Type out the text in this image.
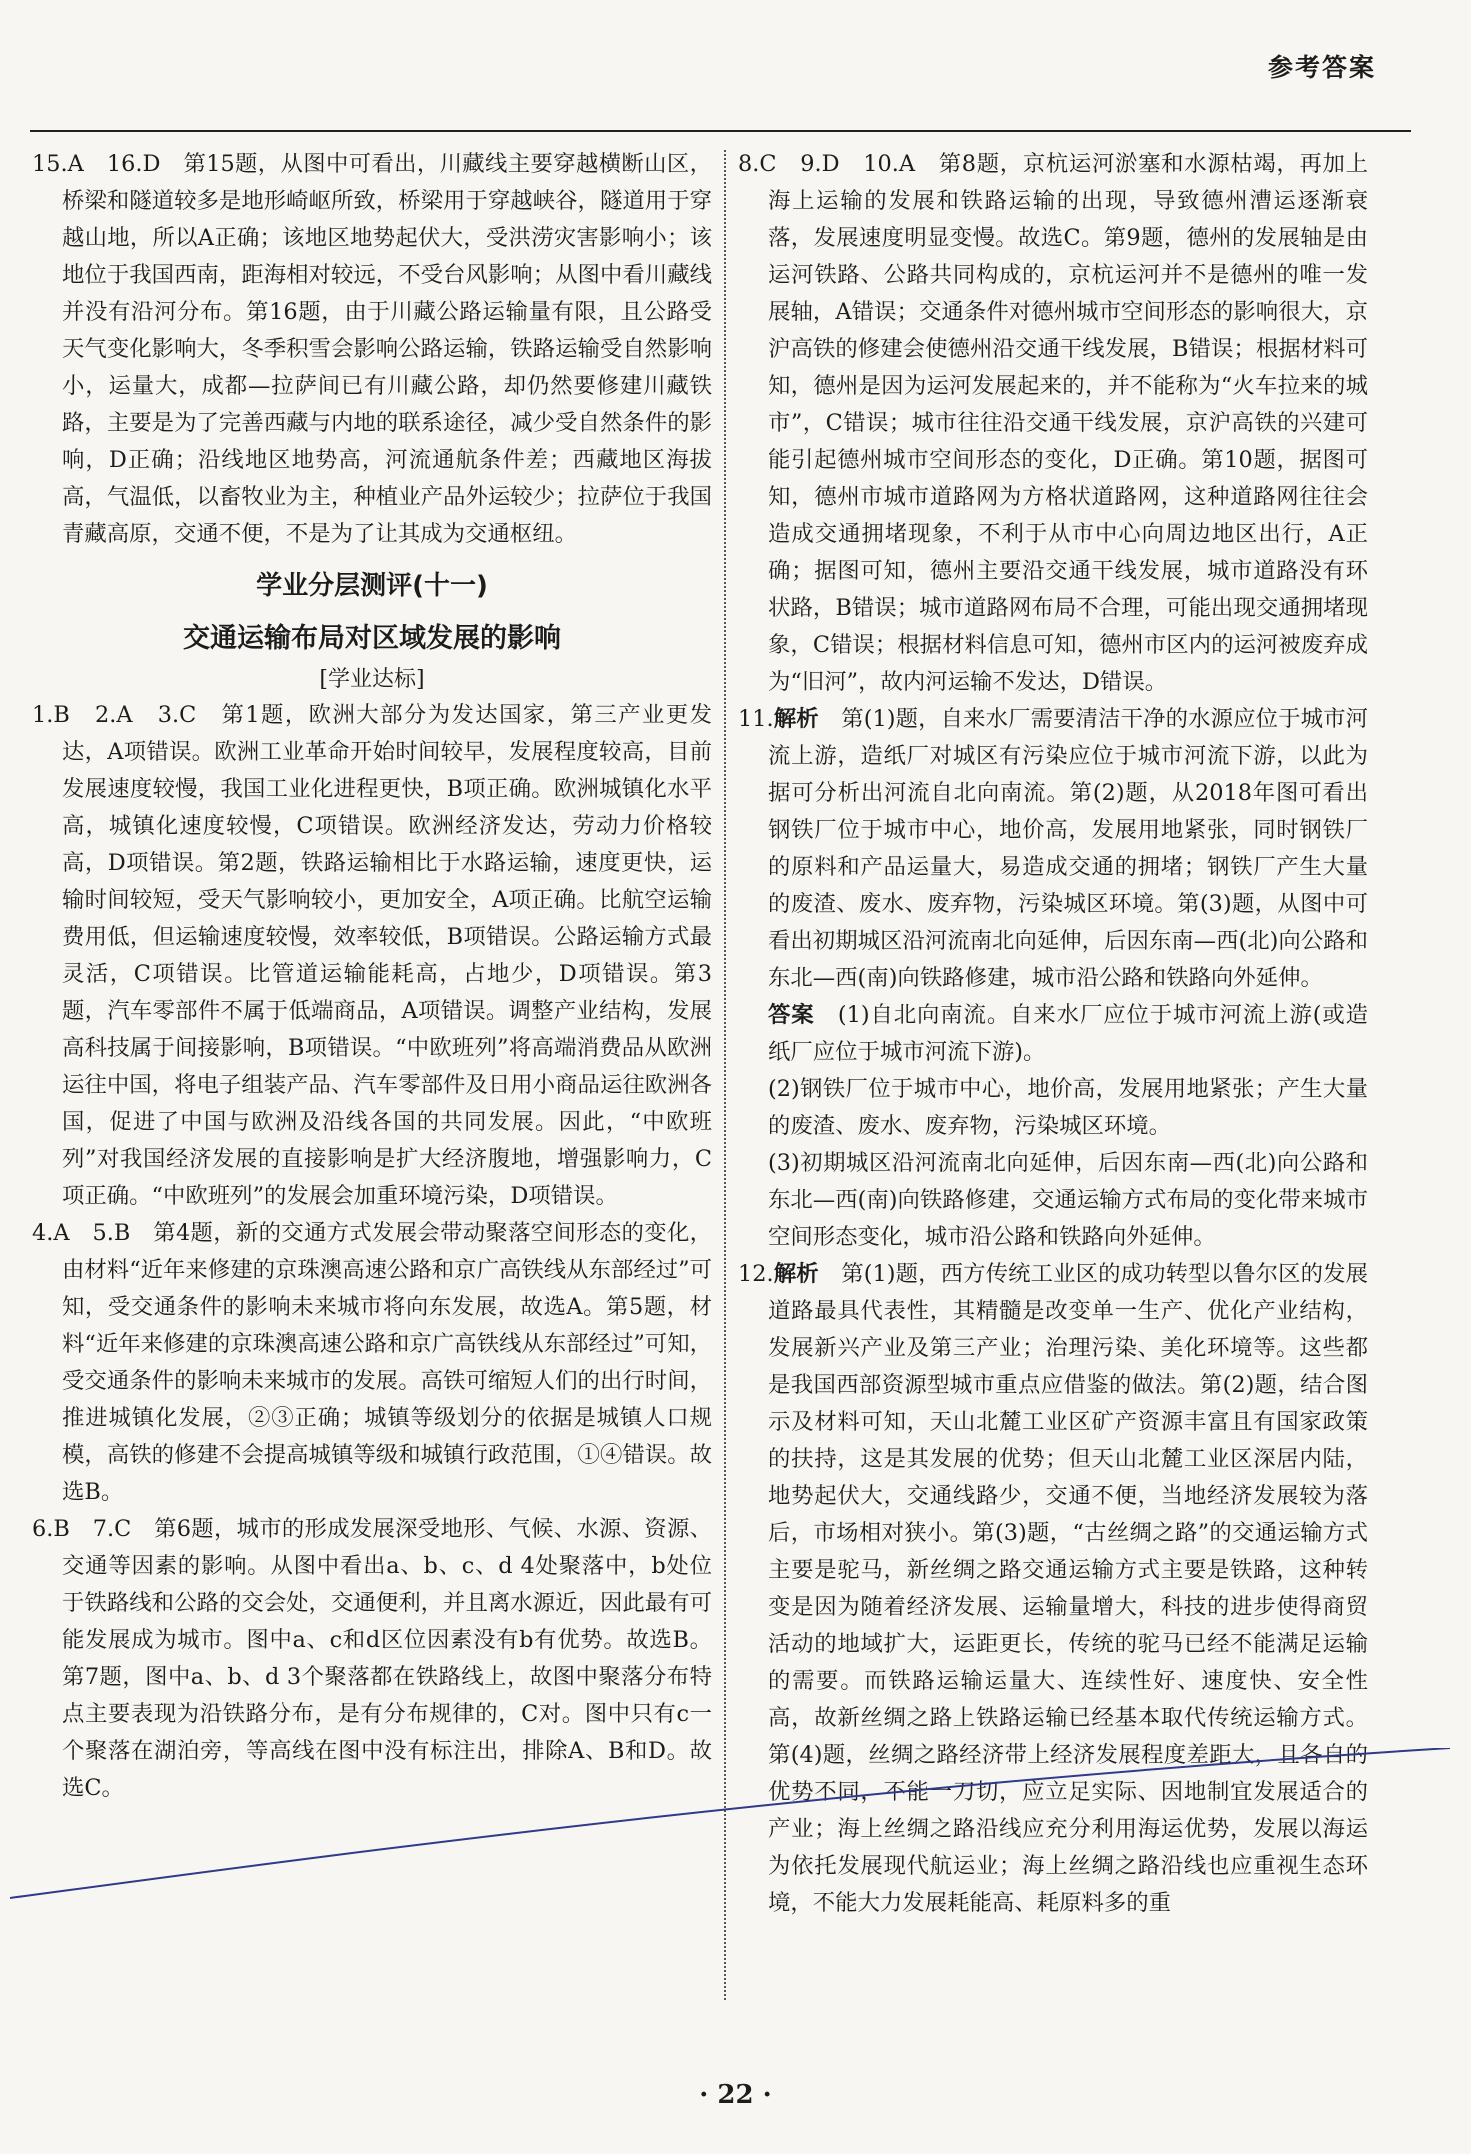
参考答案

15.A　16.D　第15题，从图中可看出，川藏线主要穿越横断山区，桥梁和隧道较多是地形崎岖所致，桥梁用于穿越峡谷，隧道用于穿越山地，所以A正确；该地区地势起伏大，受洪涝灾害影响小；该地位于我国西南，距海相对较远，不受台风影响；从图中看川藏线并没有沿河分布。第16题，由于川藏公路运输量有限，且公路受天气变化影响大，冬季积雪会影响公路运输，铁路运输受自然影响小，运量大，成都—拉萨间已有川藏公路，却仍然要修建川藏铁路，主要是为了完善西藏与内地的联系途径，减少受自然条件的影响，D正确；沿线地区地势高，河流通航条件差；西藏地区海拔高，气温低，以畜牧业为主，种植业产品外运较少；拉萨位于我国青藏高原，交通不便，不是为了让其成为交通枢纽。

学业分层测评(十一)
交通运输布局对区域发展的影响
[学业达标]

1.B　2.A　3.C　第1题，欧洲大部分为发达国家，第三产业更发达，A项错误。欧洲工业革命开始时间较早，发展程度较高，目前发展速度较慢，我国工业化进程更快，B项正确。欧洲城镇化水平高，城镇化速度较慢，C项错误。欧洲经济发达，劳动力价格较高，D项错误。第2题，铁路运输相比于水路运输，速度更快，运输时间较短，受天气影响较小，更加安全，A项正确。比航空运输费用低，但运输速度较慢，效率较低，B项错误。公路运输方式最灵活，C项错误。比管道运输能耗高，占地少，D项错误。第3题，汽车零部件不属于低端商品，A项错误。调整产业结构，发展高科技属于间接影响，B项错误。“中欧班列”将高端消费品从欧洲运往中国，将电子组装产品、汽车零部件及日用小商品运往欧洲各国，促进了中国与欧洲及沿线各国的共同发展。因此，“中欧班列”对我国经济发展的直接影响是扩大经济腹地，增强影响力，C项正确。“中欧班列”的发展会加重环境污染，D项错误。

4.A　5.B　第4题，新的交通方式发展会带动聚落空间形态的变化，由材料“近年来修建的京珠澳高速公路和京广高铁线从东部经过”可知，受交通条件的影响未来城市将向东发展，故选A。第5题，材料“近年来修建的京珠澳高速公路和京广高铁线从东部经过”可知，受交通条件的影响未来城市的发展。高铁可缩短人们的出行时间，推进城镇化发展，②③正确；城镇等级划分的依据是城镇人口规模，高铁的修建不会提高城镇等级和城镇行政范围，①④错误。故选B。

6.B　7.C　第6题，城市的形成发展深受地形、气候、水源、资源、交通等因素的影响。从图中看出a、b、c、d 4处聚落中，b处位于铁路线和公路的交会处，交通便利，并且离水源近，因此最有可能发展成为城市。图中a、c和d区位因素没有b有优势。故选B。第7题，图中a、b、d 3个聚落都在铁路线上，故图中聚落分布特点主要表现为沿铁路分布，是有分布规律的，C对。图中只有c一个聚落在湖泊旁，等高线在图中没有标注出，排除A、B和D。故选C。

8.C　9.D　10.A　第8题，京杭运河淤塞和水源枯竭，再加上海上运输的发展和铁路运输的出现，导致德州漕运逐渐衰落，发展速度明显变慢。故选C。第9题，德州的发展轴是由运河铁路、公路共同构成的，京杭运河并不是德州的唯一发展轴，A错误；交通条件对德州城市空间形态的影响很大，京沪高铁的修建会使德州沿交通干线发展，B错误；根据材料可知，德州是因为运河发展起来的，并不能称为“火车拉来的城市”，C错误；城市往往沿交通干线发展，京沪高铁的兴建可能引起德州城市空间形态的变化，D正确。第10题，据图可知，德州市城市道路网为方格状道路网，这种道路网往往会造成交通拥堵现象，不利于从市中心向周边地区出行，A正确；据图可知，德州主要沿交通干线发展，城市道路没有环状路，B错误；城市道路网布局不合理，可能出现交通拥堵现象，C错误；根据材料信息可知，德州市区内的运河被废弃成为“旧河”，故内河运输不发达，D错误。

11.解析　 第(1)题，自来水厂需要清洁干净的水源应位于城市河流上游，造纸厂对城区有污染应位于城市河流下游，以此为据可分析出河流自北向南流。第(2)题，从2018年图可看出钢铁厂位于城市中心，地价高，发展用地紧张，同时钢铁厂的原料和产品运量大，易造成交通的拥堵；钢铁厂产生大量的废渣、废水、废弃物，污染城区环境。第(3)题，从图中可看出初期城区沿河流南北向延伸，后因东南—西(北)向公路和东北—西(南)向铁路修建，城市沿公路和铁路向外延伸。

答案　 (1)自北向南流。自来水厂应位于城市河流上游(或造纸厂应位于城市河流下游)。

(2)钢铁厂位于城市中心，地价高，发展用地紧张；产生大量的废渣、废水、废弃物，污染城区环境。

(3)初期城区沿河流南北向延伸，后因东南—西(北)向公路和东北—西(南)向铁路修建，交通运输方式布局的变化带来城市空间形态变化，城市沿公路和铁路向外延伸。

12.解析　 第(1)题，西方传统工业区的成功转型以鲁尔区的发展道路最具代表性，其精髓是改变单一生产、优化产业结构，发展新兴产业及第三产业；治理污染、美化环境等。这些都是我国西部资源型城市重点应借鉴的做法。第(2)题，结合图示及材料可知，天山北麓工业区矿产资源丰富且有国家政策的扶持，这是其发展的优势；但天山北麓工业区深居内陆，地势起伏大，交通线路少，交通不便，当地经济发展较为落后，市场相对狭小。第(3)题，“古丝绸之路”的交通运输方式主要是驼马，新丝绸之路交通运输方式主要是铁路，这种转变是因为随着经济发展、运输量增大，科技的进步使得商贸活动的地域扩大，运距更长，传统的驼马已经不能满足运输的需要。而铁路运输运量大、连续性好、速度快、安全性高，故新丝绸之路上铁路运输已经基本取代传统运输方式。第(4)题，丝绸之路经济带上经济发展程度差距大，且各自的优势不同，不能一刀切，应立足实际、因地制宜发展适合的产业；海上丝绸之路沿线应充分利用海运优势，发展以海运为依托发展现代航运业；海上丝绸之路沿线也应重视生态环境，不能大力发展耗能高、耗原料多的重

· 22 ·
